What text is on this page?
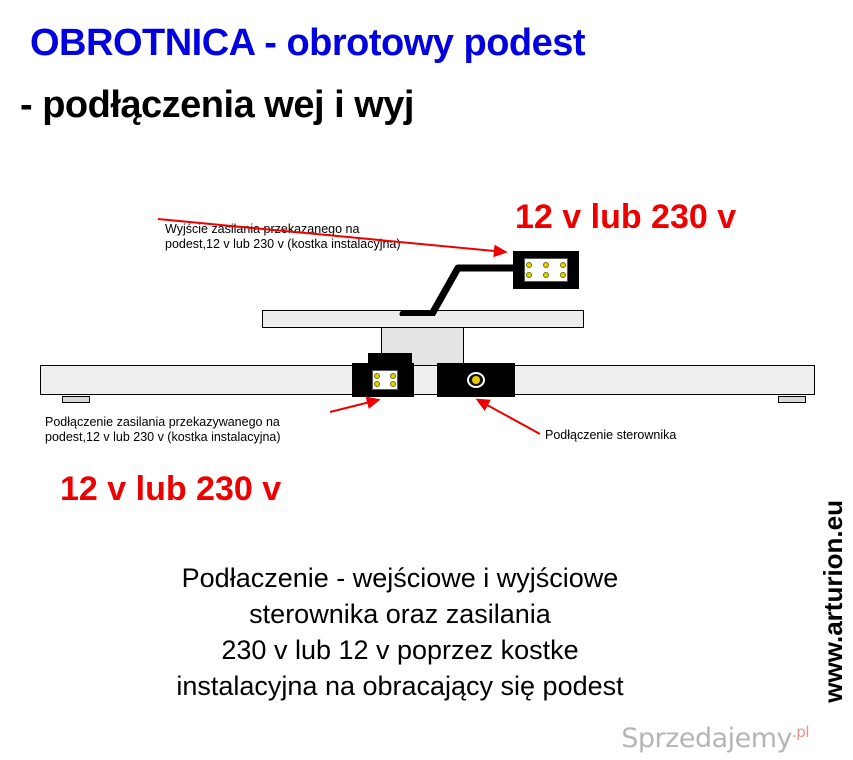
OBROTNICA - obrotowy podest
- podłączenia wej i wyj
12 v lub 230 v
12 v lub 230 v
Wyjście zasilania przekazanego na
podest,12 v lub 230 v (kostka instalacyjna)
Podłączenie zasilania przekazywanego na
podest,12 v lub 230 v (kostka instalacyjna)	Podłączenie sterownika
Podłaczenie - wejściowe i wyjściowe
sterownika oraz zasilania
230 v lub 12 v poprzez kostke
instalacyjna na obracający się podest	www.arturion.eu
Sprzedajemy$^{.pl}$
